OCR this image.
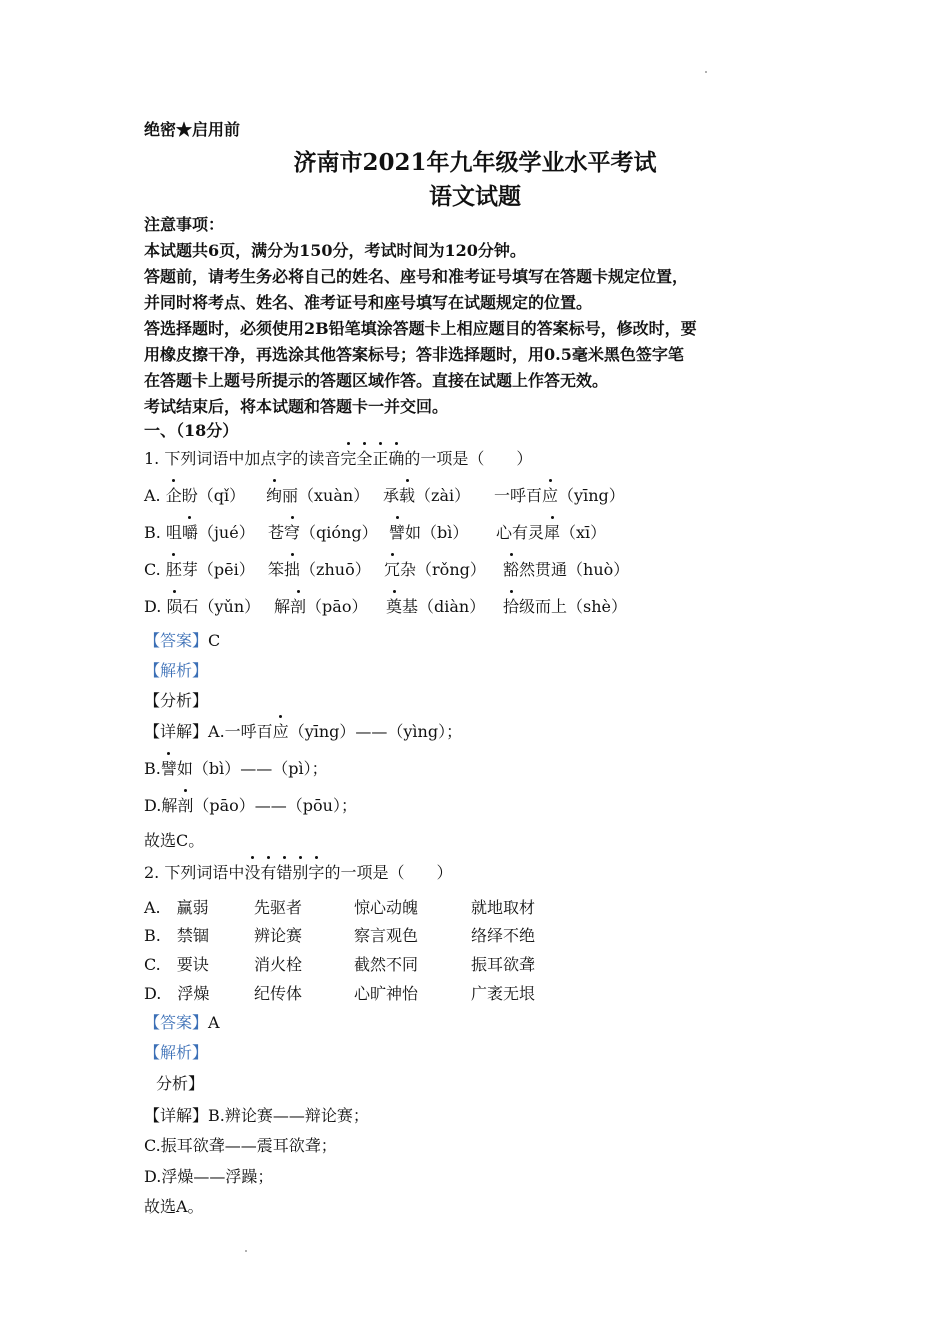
绝密★启用前
济南市2021年九年级学业水平考试
语文试题
注意事项：
本试题共6页，满分为150分，考试时间为120分钟。
答题前，请考生务必将自己的姓名、座号和准考证号填写在答题卡规定位置，
并同时将考点、姓名、准考证号和座号填写在试题规定的位置。
答选择题时，必须使用2B铅笔填涂答题卡上相应题目的答案标号，修改时，要
用橡皮擦干净，再选涂其他答案标号；答非选择题时，用0.5毫米黑色签字笔
在答题卡上题号所提示的答题区域作答。直接在试题上作答无效。
考试结束后，将本试题和答题卡一并交回。
一、（18分）
1. 下列词语中加点字的读音完全正确的一项是（　　）
A. 企盼（qǐ） 绚丽（xuàn） 承载（zài） 一呼百应（yīng）
B. 咀嚼（jué） 苍穹（qióng） 譬如（bì） 心有灵犀（xī）
C. 胚芽（pēi） 笨拙（zhuō） 冗杂（rǒng） 豁然贯通（huò）
D. 陨石（yǔn） 解剖（pāo） 奠基（diàn） 拾级而上（shè）
【答案】C
【解析】
【分析】
【详解】A.一呼百应（yīng）——（yìng）；
B.譬如（bì）——（pì）；
D.解剖（pāo）——（pōu）；
故选C。
2. 下列词语中没有错别字的一项是（　　）
A.　赢弱	先驱者	惊心动魄	就地取材
B.　禁锢	辨论赛	察言观色	络绎不绝
C.　要诀	消火栓	截然不同	振耳欲聋
D.　浮燥	纪传体	心旷神怡	广袤无垠
【答案】A
【解析】
分析】
【详解】B.辨论赛——辩论赛；
C.振耳欲聋——震耳欲聋；
D.浮燥——浮躁；
故选A。
